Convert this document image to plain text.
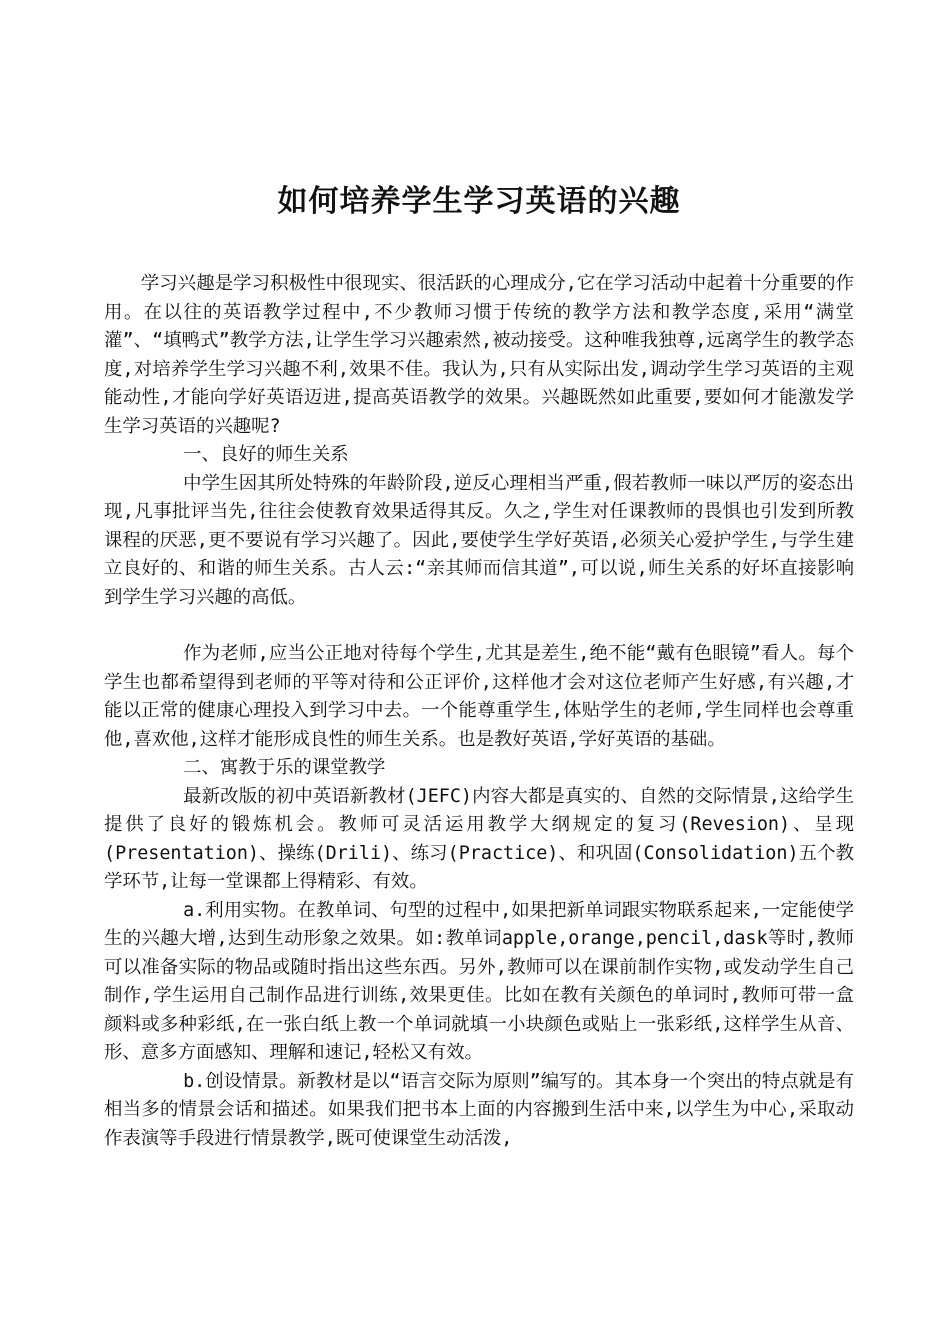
如何培养学生学习英语的兴趣

学习兴趣是学习积极性中很现实、很活跃的心理成分,它在学习活动中起着十分重要的作用。在以往的英语教学过程中,不少教师习惯于传统的教学方法和教学态度,采用“满堂灌”、“填鸭式”教学方法,让学生学习兴趣索然,被动接受。这种唯我独尊,远离学生的教学态度,对培养学生学习兴趣不利,效果不佳。我认为,只有从实际出发,调动学生学习英语的主观能动性,才能向学好英语迈进,提高英语教学的效果。兴趣既然如此重要,要如何才能激发学生学习英语的兴趣呢?

一、良好的师生关系

中学生因其所处特殊的年龄阶段,逆反心理相当严重,假若教师一味以严厉的姿态出现,凡事批评当先,往往会使教育效果适得其反。久之,学生对任课教师的畏惧也引发到所教课程的厌恶,更不要说有学习兴趣了。因此,要使学生学好英语,必须关心爱护学生,与学生建立良好的、和谐的师生关系。古人云:“亲其师而信其道”,可以说,师生关系的好坏直接影响到学生学习兴趣的高低。

作为老师,应当公正地对待每个学生,尤其是差生,绝不能“戴有色眼镜”看人。每个学生也都希望得到老师的平等对待和公正评价,这样他才会对这位老师产生好感,有兴趣,才能以正常的健康心理投入到学习中去。一个能尊重学生,体贴学生的老师,学生同样也会尊重他,喜欢他,这样才能形成良性的师生关系。也是教好英语,学好英语的基础。

二、寓教于乐的课堂教学

最新改版的初中英语新教材(JEFC)内容大都是真实的、自然的交际情景,这给学生提供了良好的锻炼机会。教师可灵活运用教学大纲规定的复习(Revesion)、呈现(Presentation)、操练(Drili)、练习(Practice)、和巩固(Consolidation)五个教学环节,让每一堂课都上得精彩、有效。

a.利用实物。在教单词、句型的过程中,如果把新单词跟实物联系起来,一定能使学生的兴趣大增,达到生动形象之效果。如:教单词apple,orange,pencil,dask等时,教师可以准备实际的物品或随时指出这些东西。另外,教师可以在课前制作实物,或发动学生自己制作,学生运用自己制作品进行训练,效果更佳。比如在教有关颜色的单词时,教师可带一盒颜料或多种彩纸,在一张白纸上教一个单词就填一小块颜色或贴上一张彩纸,这样学生从音、形、意多方面感知、理解和速记,轻松又有效。

b.创设情景。新教材是以“语言交际为原则”编写的。其本身一个突出的特点就是有相当多的情景会话和描述。如果我们把书本上面的内容搬到生活中来,以学生为中心,采取动作表演等手段进行情景教学,既可使课堂生动活泼,
